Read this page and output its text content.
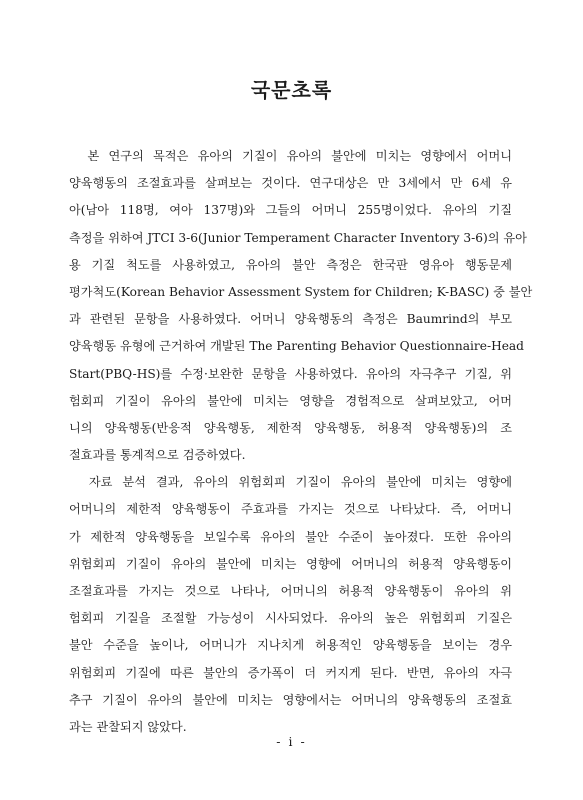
국문초록
본 연구의 목적은 유아의 기질이 유아의 불안에 미치는 영향에서 어머니
양육행동의 조절효과를 살펴보는 것이다. 연구대상은 만 3세에서 만 6세 유
아(남아 118명, 여아 137명)와 그들의 어머니 255명이었다. 유아의 기질
측정을 위하여 JTCI 3-6(Junior Temperament Character Inventory 3-6)의 유아
용 기질 척도를 사용하였고, 유아의 불안 측정은 한국판 영유아 행동문제
평가척도(Korean Behavior Assessment System for Children; K-BASC) 중 불안
과 관련된 문항을 사용하였다. 어머니 양육행동의 측정은 Baumrind의 부모
양육행동 유형에 근거하여 개발된 The Parenting Behavior Questionnaire-Head
Start(PBQ-HS)를 수정·보완한 문항을 사용하였다. 유아의 자극추구 기질, 위
험회피 기질이 유아의 불안에 미치는 영향을 경험적으로 살펴보았고, 어머
니의 양육행동(반응적 양육행동, 제한적 양육행동, 허용적 양육행동)의 조
절효과를 통계적으로 검증하였다.
자료 분석 결과, 유아의 위험회피 기질이 유아의 불안에 미치는 영향에
어머니의 제한적 양육행동이 주효과를 가지는 것으로 나타났다. 즉, 어머니
가 제한적 양육행동을 보일수록 유아의 불안 수준이 높아졌다. 또한 유아의
위험회피 기질이 유아의 불안에 미치는 영향에 어머니의 허용적 양육행동이
조절효과를 가지는 것으로 나타나, 어머니의 허용적 양육행동이 유아의 위
험회피 기질을 조절할 가능성이 시사되었다. 유아의 높은 위험회피 기질은
불안 수준을 높이나, 어머니가 지나치게 허용적인 양육행동을 보이는 경우
위험회피 기질에 따른 불안의 증가폭이 더 커지게 된다. 반면, 유아의 자극
추구 기질이 유아의 불안에 미치는 영향에서는 어머니의 양육행동의 조절효
과는 관찰되지 않았다.
- i -
